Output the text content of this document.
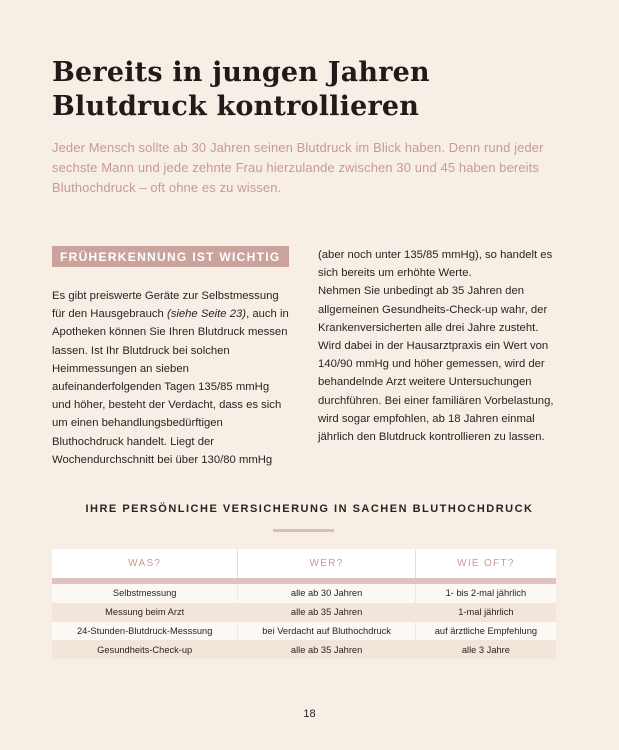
Bereits in jungen Jahren Blutdruck kontrollieren

Jeder Mensch sollte ab 30 Jahren seinen Blutdruck im Blick haben. Denn rund jeder sechste Mann und jede zehnte Frau hierzulande zwischen 30 und 45 haben bereits Bluthochdruck – oft ohne es zu wissen.

FRÜHERKENNUNG IST WICHTIG

Es gibt preiswerte Geräte zur Selbstmessung für den Hausgebrauch (siehe Seite 23), auch in Apotheken können Sie Ihren Blutdruck messen lassen. Ist Ihr Blutdruck bei solchen Heimmessungen an sieben aufeinanderfolgenden Tagen 135/85 mmHg und höher, besteht der Verdacht, dass es sich um einen behandlungsbedürftigen Bluthochdruck handelt. Liegt der Wochendurchschnitt bei über 130/80 mmHg

(aber noch unter 135/85 mmHg), so handelt es sich bereits um erhöhte Werte.

Nehmen Sie unbedingt ab 35 Jahren den allgemeinen Gesundheits-Check-up wahr, der Krankenversicherten alle drei Jahre zusteht. Wird dabei in der Hausarztpraxis ein Wert von 140/90 mmHg und höher gemessen, wird der behandelnde Arzt weitere Untersuchungen durchführen. Bei einer familiären Vorbelastung, wird sogar empfohlen, ab 18 Jahren einmal jährlich den Blutdruck kontrollieren zu lassen.

IHRE PERSÖNLICHE VERSICHERUNG IN SACHEN BLUTHOCHDRUCK

WAS?	WER?	WIE OFT?
Selbstmessung	alle ab 30 Jahren	1- bis 2-mal jährlich
Messung beim Arzt	alle ab 35 Jahren	1-mal jährlich
24-Stunden-Blutdruck-Messsung	bei Verdacht auf Bluthochdruck	auf ärztliche Empfehlung
Gesundheits-Check-up	alle ab 35 Jahren	alle 3 Jahre

18
